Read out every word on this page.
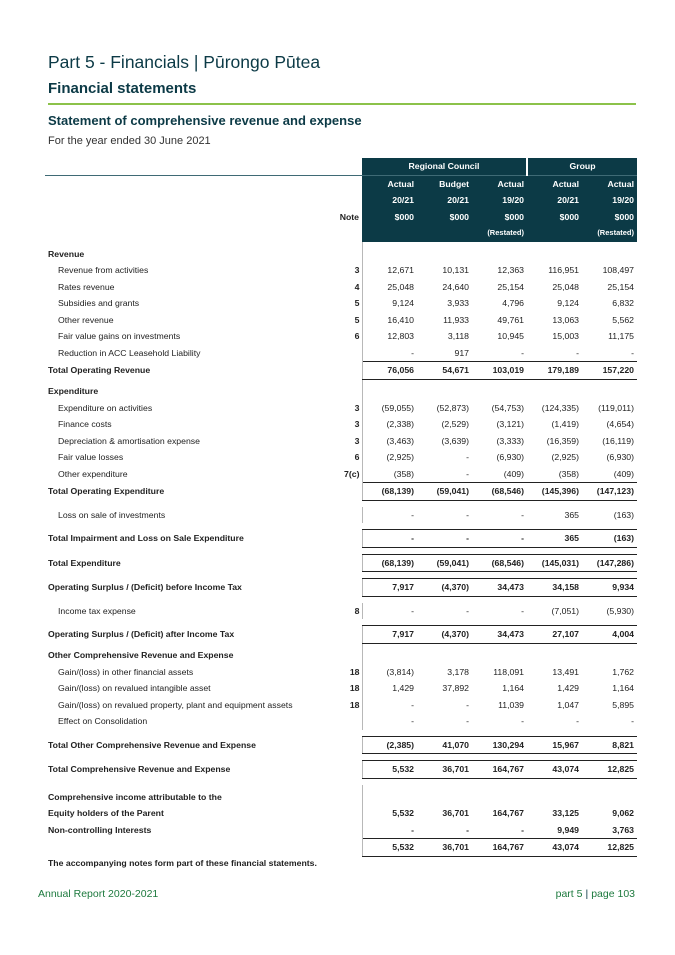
Part 5 - Financials | Pūrongo Pūtea
Financial statements
Statement of comprehensive revenue and expense
For the year ended 30 June 2021
		Regional Council			Group	
		Actual	Budget	Actual	Actual	Actual
		20/21	20/21	19/20	20/21	19/20
	Note	$000	$000	$000	$000	$000
				(Restated)		(Restated)
Revenue						
Revenue from activities	3	12,671	10,131	12,363	116,951	108,497
Rates revenue	4	25,048	24,640	25,154	25,048	25,154
Subsidies and grants	5	9,124	3,933	4,796	9,124	6,832
Other revenue	5	16,410	11,933	49,761	13,063	5,562
Fair value gains on investments	6	12,803	3,118	10,945	15,003	11,175
Reduction in ACC Leasehold Liability		-	917	-	-	-
Total Operating Revenue		76,056	54,671	103,019	179,189	157,220
Expenditure						
Expenditure on activities	3	(59,055)	(52,873)	(54,753)	(124,335)	(119,011)
Finance costs	3	(2,338)	(2,529)	(3,121)	(1,419)	(4,654)
Depreciation & amortisation expense	3	(3,463)	(3,639)	(3,333)	(16,359)	(16,119)
Fair value losses	6	(2,925)	-	(6,930)	(2,925)	(6,930)
Other expenditure	7(c)	(358)	-	(409)	(358)	(409)
Total Operating Expenditure		(68,139)	(59,041)	(68,546)	(145,396)	(147,123)

Loss on sale of investments		-	-	-	365	(163)

Total Impairment and Loss on Sale Expenditure		-	-	-	365	(163)

Total Expenditure		(68,139)	(59,041)	(68,546)	(145,031)	(147,286)

Operating Surplus / (Deficit) before Income Tax		7,917	(4,370)	34,473	34,158	9,934

Income tax expense	8	-	-	-	(7,051)	(5,930)

Operating Surplus / (Deficit) after Income Tax		7,917	(4,370)	34,473	27,107	4,004
Other Comprehensive Revenue and Expense						
Gain/(loss) in other financial assets	18	(3,814)	3,178	118,091	13,491	1,762
Gain/(loss) on revalued intangible asset	18	1,429	37,892	1,164	1,429	1,164
Gain/(loss) on revalued property, plant and equipment assets	18	-	-	11,039	1,047	5,895
Effect on Consolidation		-	-	-	-	-

Total Other Comprehensive Revenue and Expense		(2,385)	41,070	130,294	15,967	8,821

Total Comprehensive Revenue and Expense		5,532	36,701	164,767	43,074	12,825

Comprehensive income attributable to the						
Equity holders of the Parent		5,532	36,701	164,767	33,125	9,062
Non-controlling Interests		-	-	-	9,949	3,763
		5,532	36,701	164,767	43,074	12,825
The accompanying notes form part of these financial statements.
Annual Report 2020-2021	part 5 | page 103
